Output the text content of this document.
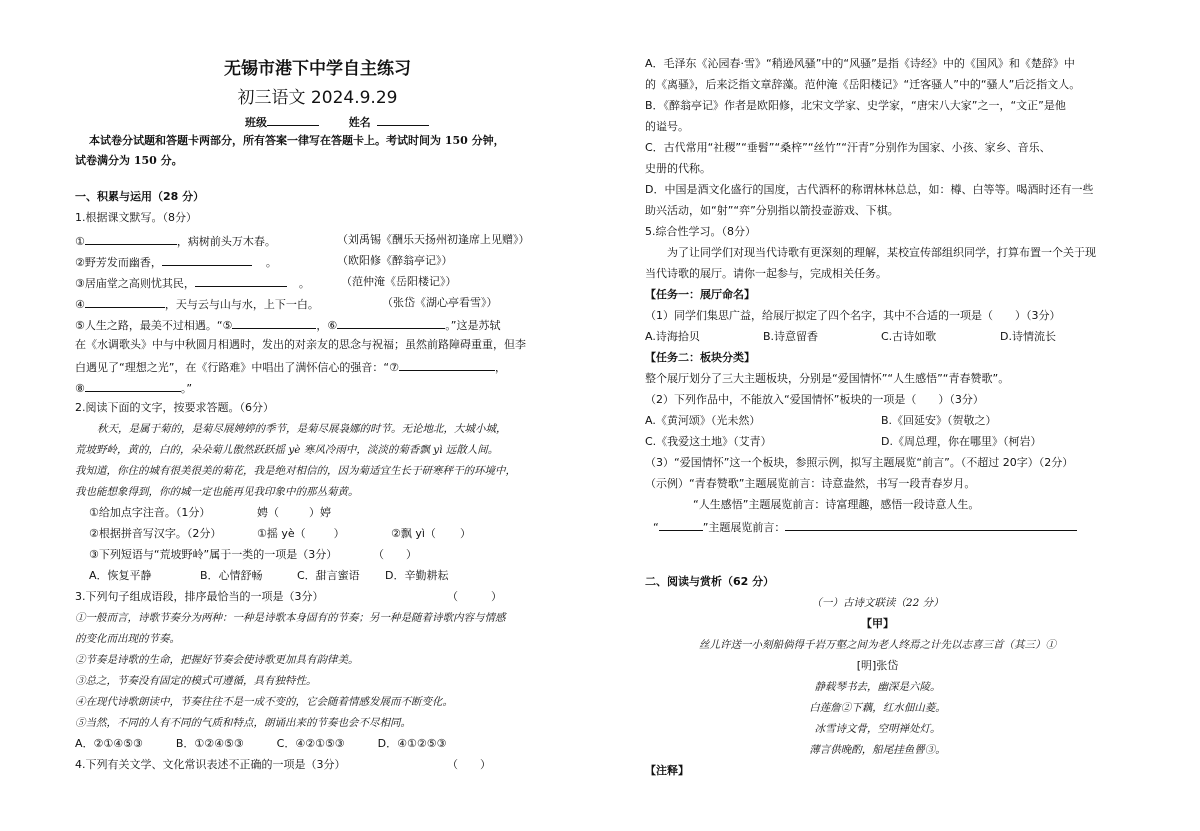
无锡市港下中学自主练习
初三语文 2024.9.29
班级	姓名
本试卷分试题和答题卡两部分，所有答案一律写在答题卡上。考试时间为 150 分钟，
试卷满分为 150 分。
一、积累与运用（28 分）
1.根据课文默写。（8分）
①	，病树前头万木春。	（刘禹锡《酬乐天扬州初逢席上见赠》）
②野芳发而幽香，	。	（欧阳修《醉翁亭记》）
③居庙堂之高则忧其民，	。	（范仲淹《岳阳楼记》）
④	，天与云与山与水，上下一白。	（张岱《湖心亭看雪》）
⑤人生之路，最美不过相遇。“⑤	，⑥	。”这是苏轼
在《水调歌头》中与中秋圆月相遇时，发出的对亲友的思念与祝福；虽然前路障碍重重，但李
白遇见了“理想之光”，在《行路难》中唱出了满怀信心的强音：“⑦	，
⑧	。”
2.阅读下面的文字，按要求答题。（6分）
秋天，是属于菊的，是菊尽展娉婷的季节，是菊尽展袅娜的时节。无论地北，大城小城，
荒坡野岭，黄的，白的，朵朵菊儿傲然跃跃摇 yè 寒风冷雨中，淡淡的菊香飘 yì 远散人间。
我知道，你住的城有很美很美的菊花，我是绝对相信的，因为菊适宜生长于研寒秤干的环境中，
我也能想象得到，你的城一定也能再见我印象中的那丛菊黄。
①给加点字注音。（1分）	娉（	）婷
②根据拼音写汉字。（2分）	①摇 yè（	）	②飘 yì（ ）
③下列短语与“荒坡野岭”属于一类的一项是（3分）	（　　）
A．恢复平静	B．心情舒畅	C．甜言蜜语 D．辛勤耕耘
3.下列句子组成语段，排序最恰当的一项是（3分）	（　　　）
①一般而言，诗歌节奏分为两种：一种是诗歌本身固有的节奏；另一种是随着诗歌内容与情感
的变化而出现的节奏。
②节奏是诗歌的生命，把握好节奏会使诗歌更加具有韵律美。
③总之，节奏没有固定的模式可遵循，具有独特性。
④在现代诗歌朗读中，节奏往往不是一成不变的，它会随着情感发展而不断变化。
⑤当然，不同的人有不同的气质和特点，朗诵出来的节奏也会不尽相同。
A．②①④⑤③　　　B．①②④⑤③　　　C．④②①⑤③　　　D．④①②⑤③
4.下列有关文学、文化常识表述不正确的一项是（3分）	（　　）
A．毛泽东《沁园春·雪》“稍逊风骚”中的“风骚”是指《诗经》中的《国风》和《楚辞》中
的《离骚》，后来泛指文章辞藻。范仲淹《岳阳楼记》“迁客骚人”中的“骚人”后泛指文人。
B．《醉翁亭记》作者是欧阳修，北宋文学家、史学家，“唐宋八大家”之一，“文正”是他
的谥号。
C．古代常用“社稷”“垂髫”“桑梓”“丝竹”“汗青”分别作为国家、小孩、家乡、音乐、
史册的代称。
D．中国是酒文化盛行的国度，古代酒杯的称谓林林总总，如：樽、白等等。喝酒时还有一些
助兴活动，如“射”“弈”分别指以箭投壶游戏、下棋。
5.综合性学习。（8分）
为了让同学们对现当代诗歌有更深刻的理解，某校宣传部组织同学，打算布置一个关于现
当代诗歌的展厅。请你一起参与，完成相关任务。
【任务一：展厅命名】
（1）同学们集思广益，给展厅拟定了四个名字，其中不合适的一项是（　　）（3分）
A.诗海拾贝	B.诗意留香	C.古诗如歌	D.诗情流长
【任务二：板块分类】
整个展厅划分了三大主题板块，分别是“爱国情怀”“人生感悟”“青春赞歌”。
（2）下列作品中，不能放入“爱国情怀”板块的一项是（　　）（3分）
A.《黄河颂》（光未然）	B.《回延安》（贺敬之）
C.《我爱这土地》（艾青）	D.《周总理，你在哪里》（柯岩）
（3）“爱国情怀”这一个板块，参照示例，拟写主题展览“前言”。（不超过 20字）（2分）
（示例）“青春赞歌”主题展览前言：诗意盎然，书写一段青春岁月。
“人生感悟”主题展览前言：诗富理趣，感悟一段诗意人生。
“	”主题展览前言：
二、阅读与赏析（62 分）
（一）古诗文联读（22 分）
【甲】
丝儿许送一小刻船倘得千岩万壑之间为老人终焉之计先以志喜三首（其三）①
[明]张岱
静载琴书去，幽深是六陵。
白莲詹②下藕，红水佃山菱。
冰雪诗文骨，空明禅处灯。
薄言供晚酌，船尾挂鱼罾③。
【注释】
